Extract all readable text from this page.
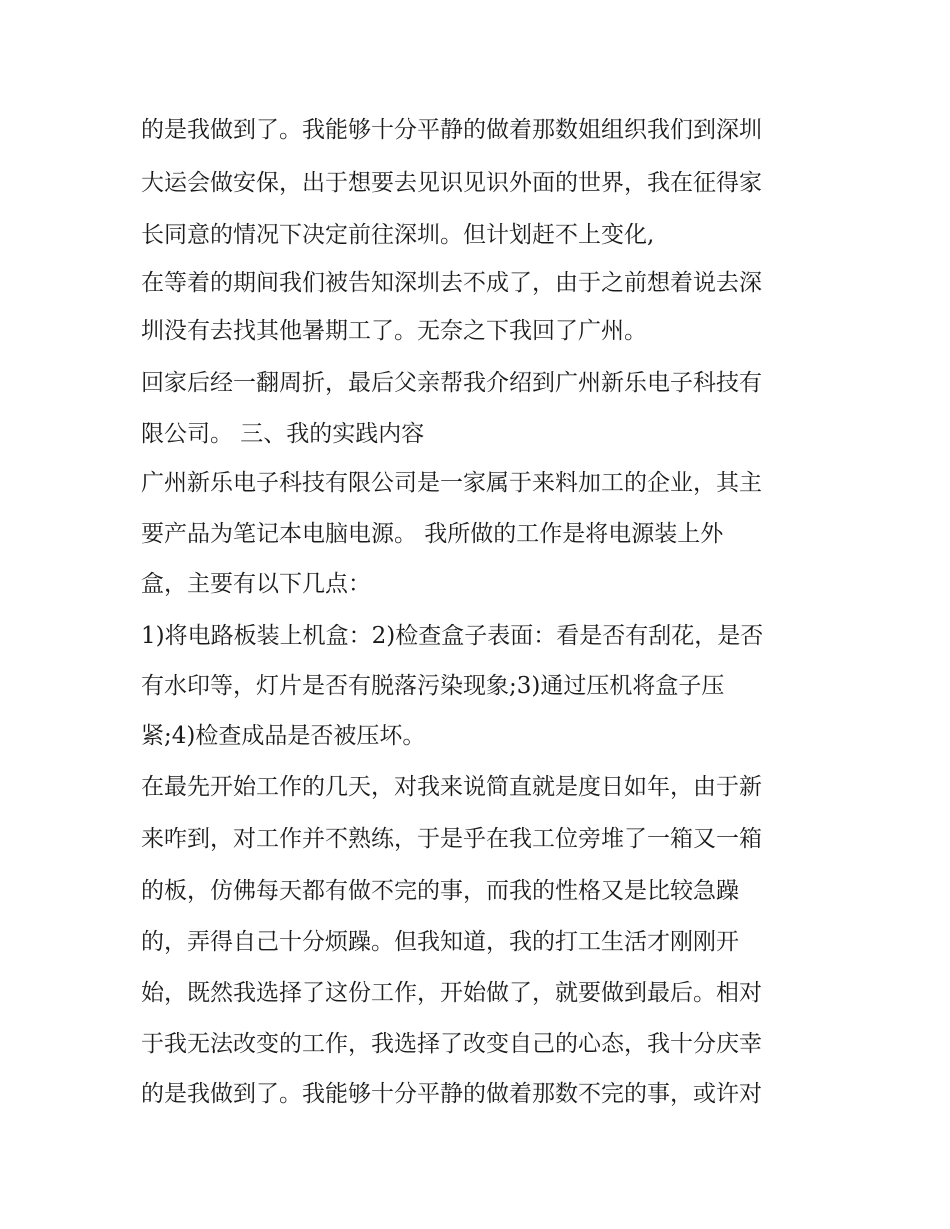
的是我做到了。我能够十分平静的做着那数姐组织我们到深圳
大运会做安保，出于想要去见识见识外面的世界，我在征得家
长同意的情况下决定前往深圳。但计划赶不上变化,
在等着的期间我们被告知深圳去不成了，由于之前想着说去深
圳没有去找其他暑期工了。无奈之下我回了广州。
回家后经一翻周折，最后父亲帮我介绍到广州新乐电子科技有
限公司。 三、我的实践内容
广州新乐电子科技有限公司是一家属于来料加工的企业，其主
要产品为笔记本电脑电源。 我所做的工作是将电源装上外
盒，主要有以下几点：
1)将电路板装上机盒：2)检查盒子表面：看是否有刮花，是否
有水印等，灯片是否有脱落污染现象;3)通过压机将盒子压
紧;4)检查成品是否被压坏。
在最先开始工作的几天，对我来说简直就是度日如年，由于新
来咋到，对工作并不熟练，于是乎在我工位旁堆了一箱又一箱
的板，仿佛每天都有做不完的事，而我的性格又是比较急躁
的，弄得自己十分烦躁。但我知道，我的打工生活才刚刚开
始，既然我选择了这份工作，开始做了，就要做到最后。相对
于我无法改变的工作，我选择了改变自己的心态，我十分庆幸
的是我做到了。我能够十分平静的做着那数不完的事，或许对
